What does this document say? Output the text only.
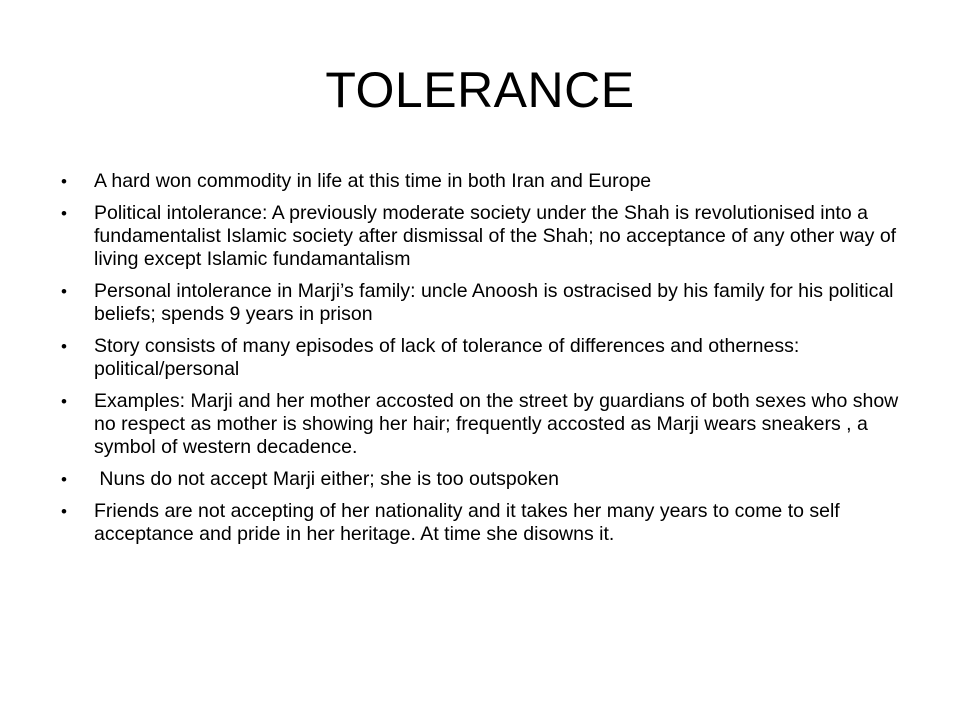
TOLERANCE
• A hard won commodity in life at this time in both Iran and Europe
• Political intolerance: A previously moderate society under the Shah is revolutionised into a fundamentalist Islamic society after dismissal of the Shah; no acceptance of any other way of living except Islamic fundamantalism
• Personal intolerance in Marji’s family: uncle Anoosh is ostracised by his family for his political beliefs; spends 9 years in prison
• Story consists of many episodes of lack of tolerance of differences and otherness: political/personal
• Examples: Marji and her mother accosted on the street by guardians of both sexes who show no respect as mother is showing her hair; frequently accosted as Marji wears sneakers , a symbol of western decadence.
• Nuns do not accept Marji either; she is too outspoken
• Friends are not accepting of her nationality and it takes her many years to come to self acceptance and pride in her heritage. At time she disowns it.
